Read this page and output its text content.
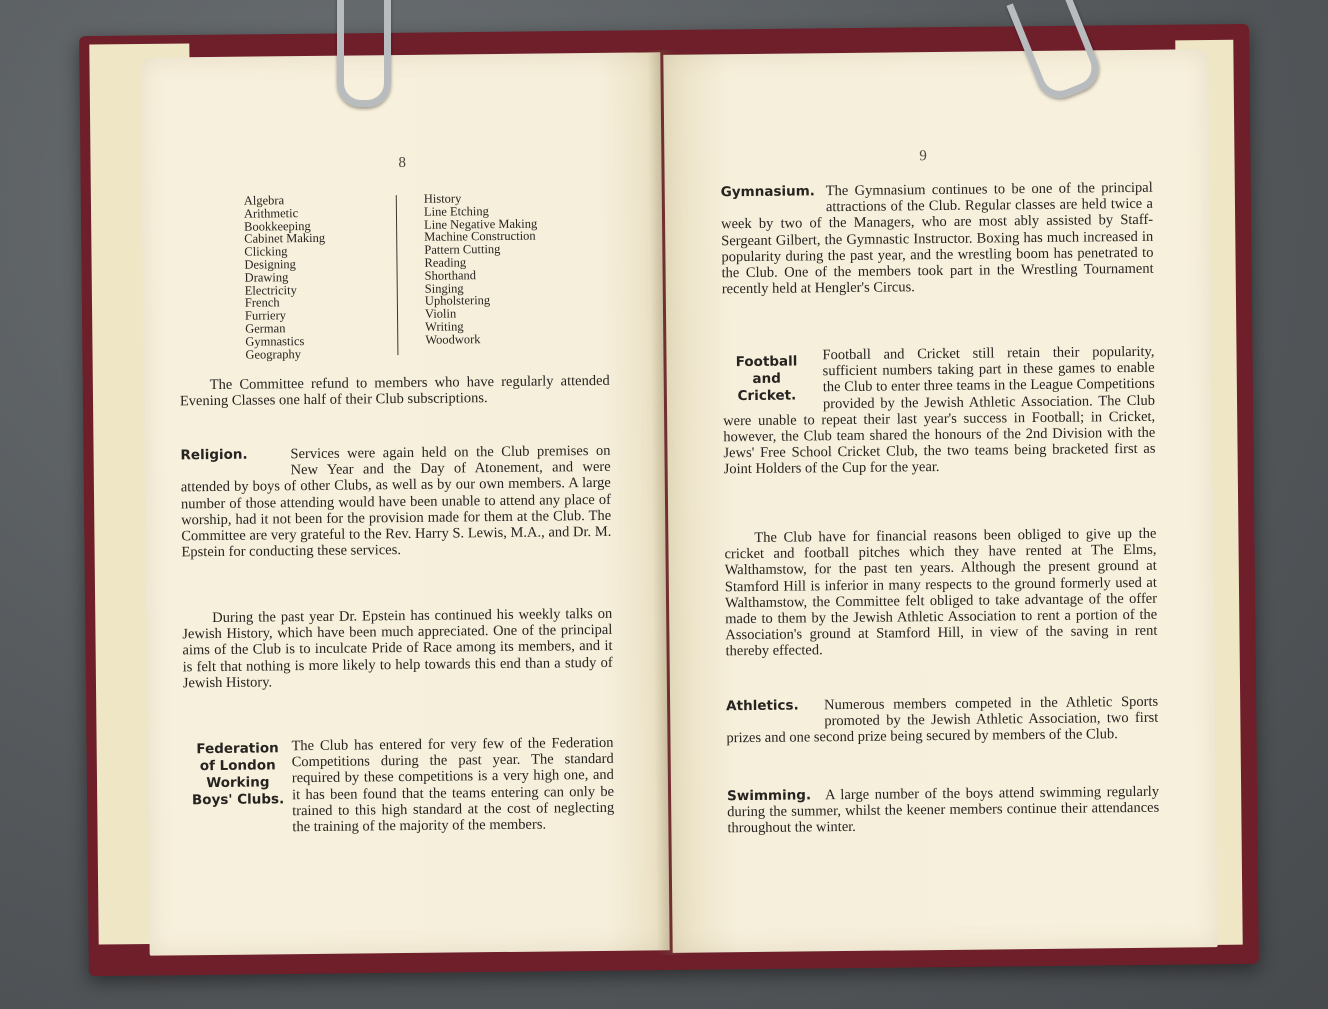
8
Algebra
Arithmetic
Bookkeeping
Cabinet Making
Clicking
Designing
Drawing
Electricity
French
Furriery
German
Gymnastics
Geography
History
Line Etching
Line Negative Making
Machine Construction
Pattern Cutting
Reading
Shorthand
Singing
Upholstering
Violin
Writing
Woodwork
The Committee refund to members who have regularly attended Evening Classes one half of their Club subscriptions.
Religion.	Services were again held on the Club premises on New Year and the Day of Atonement, and were attended by boys of other Clubs, as well as by our own members. A large number of those attending would have been unable to attend any place of worship, had it not been for the provision made for them at the Club. The Committee are very grateful to the Rev. Harry S. Lewis, M.A., and Dr. M. Epstein for conducting these services.
During the past year Dr. Epstein has continued his weekly talks on Jewish History, which have been much appreciated. One of the principal aims of the Club is to inculcate Pride of Race among its members, and it is felt that nothing is more likely to help towards this end than a study of Jewish History.
Federation of London Working Boys' Clubs.
The Club has entered for very few of the Federation Competitions during the past year. The standard required by these competitions is a very high one, and it has been found that the teams entering can only be trained to this high standard at the cost of neglecting the training of the majority of the members.
9
Gymnasium. The Gymnasium continues to be one of the principal attractions of the Club. Regular classes are held twice a week by two of the Managers, who are most ably assisted by Staff-Sergeant Gilbert, the Gymnastic Instructor. Boxing has much increased in popularity during the past year, and the wrestling boom has penetrated to the Club. One of the members took part in the Wrestling Tournament recently held at Hengler's Circus.
Football and Cricket.
Football and Cricket still retain their popularity, sufficient numbers taking part in these games to enable the Club to enter three teams in the League Competitions provided by the Jewish Athletic Association. The Club were unable to repeat their last year's success in Football; in Cricket, however, the Club team shared the honours of the 2nd Division with the Jews' Free School Cricket Club, the two teams being bracketed first as Joint Holders of the Cup for the year.
The Club have for financial reasons been obliged to give up the cricket and football pitches which they have rented at The Elms, Walthamstow, for the past ten years. Although the present ground at Stamford Hill is inferior in many respects to the ground formerly used at Walthamstow, the Committee felt obliged to take advantage of the offer made to them by the Jewish Athletic Association to rent a portion of the Association's ground at Stamford Hill, in view of the saving in rent thereby effected.
Athletics.	Numerous members competed in the Athletic Sports promoted by the Jewish Athletic Association, two first prizes and one second prize being secured by members of the Club.
Swimming. A large number of the boys attend swimming regularly during the summer, whilst the keener members continue their attendances throughout the winter.
